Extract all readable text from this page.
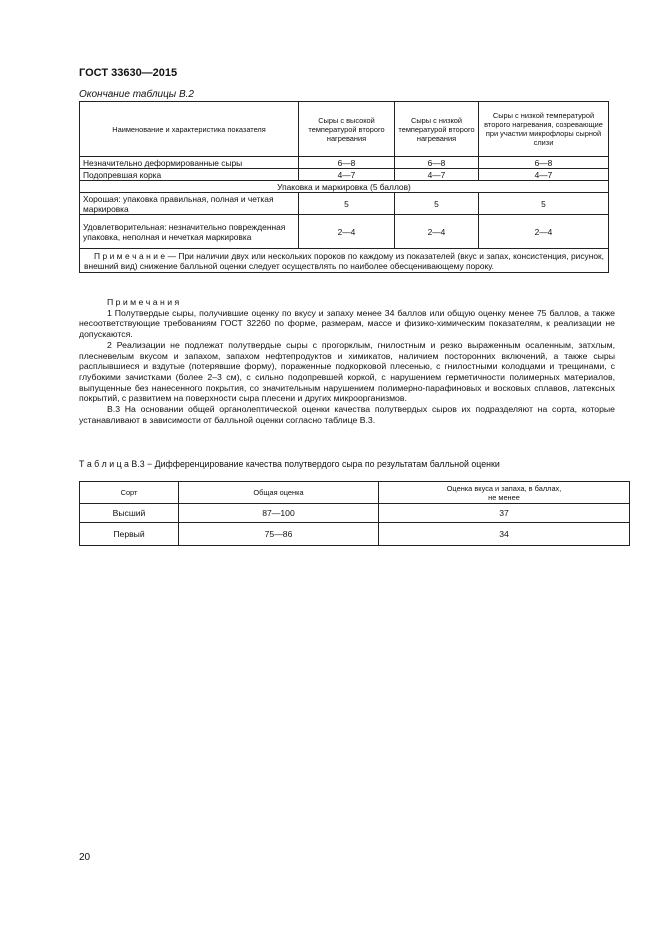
ГОСТ 33630—2015
Окончание таблицы В.2
Наименование и характеристика показателя	Сыры с высокой температурой второго нагревания	Сыры с низкой температурой второго нагревания	Сыры с низкой температурой второго нагревания, созревающие при участии микрофлоры сырной слизи
Незначительно деформированные сыры	6—8	6—8	6—8
Подопревшая корка	4—7	4—7	4—7
Упаковка и маркировка (5 баллов)			
Хорошая: упаковка правильная, полная и четкая маркировка	5	5	5
Удовлетворительная: незначительно поврежденная упаковка, неполная и нечеткая маркировка	2—4	2—4	2—4
П р и м е ч а н и е — При наличии двух или нескольких пороков по каждому из показателей (вкус и запах, консистенция, рисунок, внешний вид) снижение балльной оценки следует осуществлять по наиболее обесценивающему пороку.			

П р и м е ч а н и я

1 Полутвердые сыры, получившие оценку по вкусу и запаху менее 34 баллов или общую оценку менее 75 баллов, а также несоответствующие требованиям ГОСТ 32260 по форме, размерам, массе и физико-химическим показателям, к реализации не допускаются.

2 Реализации не подлежат полутвердые сыры с прогорклым, гнилостным и резко выраженным осаленным, затхлым, плесневелым вкусом и запахом, запахом нефтепродуктов и химикатов, наличием посторонних включений, а также сыры расплывшиеся и вздутые (потерявшие форму), пораженные подкорковой плесенью, с гнилостными колодцами и трещинами, с глубокими зачистками (более 2–3 см), с сильно подопревшей коркой, с нарушением герметичности полимерных материалов, выпущенные без нанесенного покрытия, со значительным нарушением полимерно-парафиновых и восковых сплавов, латексных покрытий, с развитием на поверхности сыра плесени и других микроорганизмов.

В.3 На основании общей органолептической оценки качества полутвердых сыров их подразделяют на сорта, которые устанавливают в зависимости от балльной оценки согласно таблице В.3.

Т а б л и ц а В.3 − Дифференцирование качества полутвердого сыра по результатам балльной оценки
Сорт	Общая оценка	Оценка вкуса и запаха, в баллах,
не менее
Высший	87—100	37
Первый	75—86	34
20
